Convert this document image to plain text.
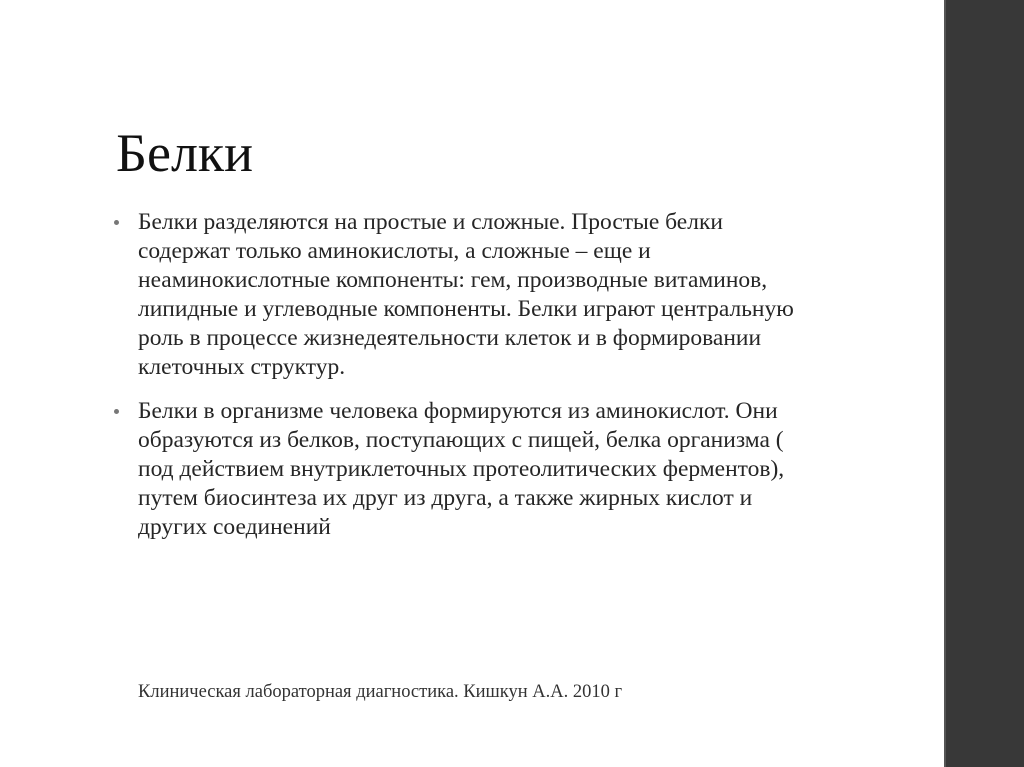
Белки
Белки разделяются на простые и сложные. Простые белки содержат только аминокислоты, а сложные – еще и неаминокислотные компоненты: гем, производные витаминов, липидные и углеводные компоненты. Белки играют центральную роль в процессе жизнедеятельности клеток и в формировании клеточных структур.
Белки в организме человека формируются из аминокислот. Они образуются из белков, поступающих с пищей, белка организма ( под действием внутриклеточных протеолитических ферментов), путем биосинтеза их друг из друга, а также жирных кислот и других соединений
Клиническая лабораторная диагностика. Кишкун А.А. 2010 г
